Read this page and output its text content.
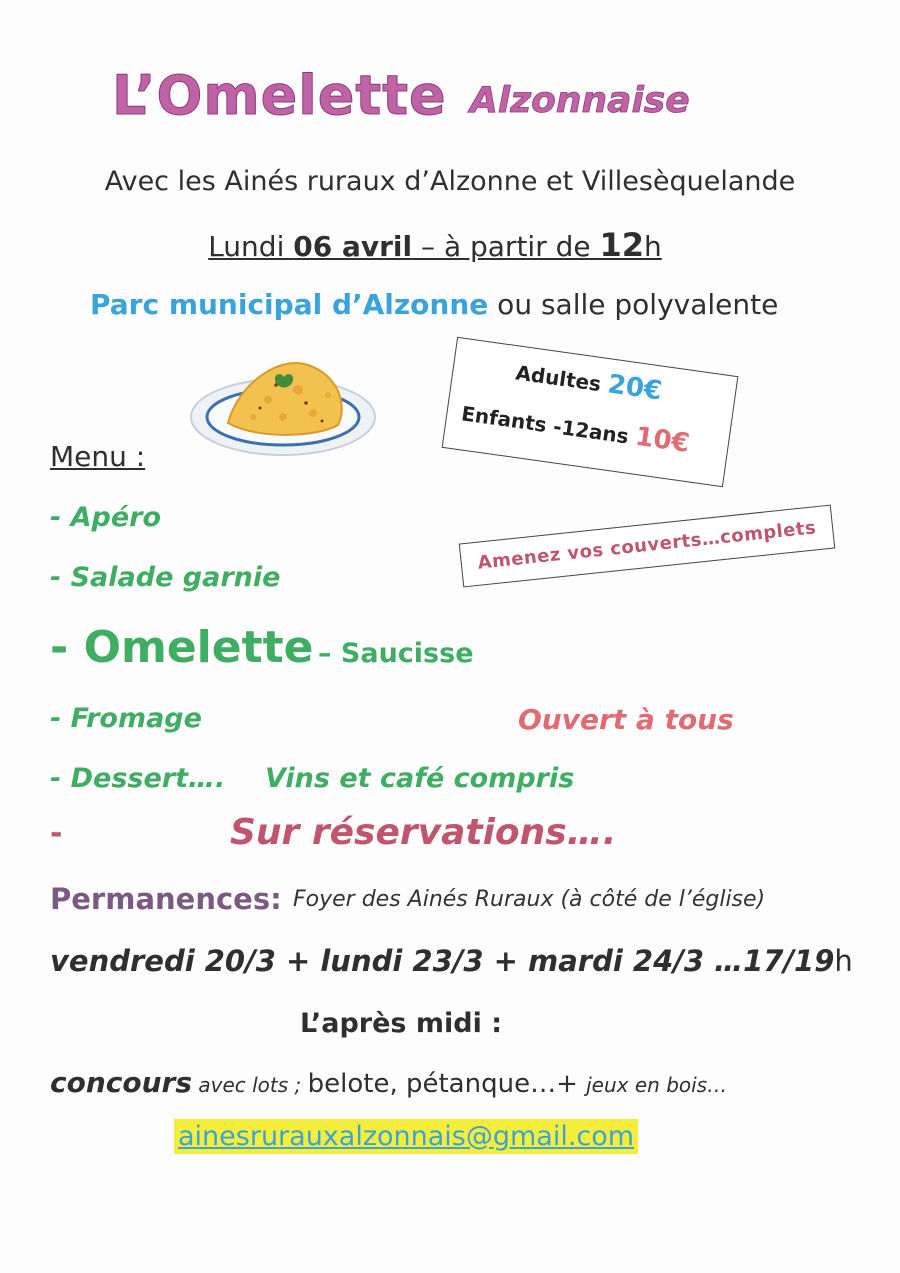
L’Omelette Alzonnaise
Avec les Ainés ruraux d’Alzonne et Villesèquelande
Lundi 06 avril – à partir de 12h
Parc municipal d’Alzonne ou salle polyvalente
Adultes 20€
Enfants -12ans 10€
Amenez vos couverts…complets
Menu :
- Apéro
- Salade garnie
- Omelette – Saucisse
- Fromage
- Dessert…. Vins et café compris
Ouvert à tous
-	Sur réservations….
Permanences: Foyer des Ainés Ruraux (à côté de l’église)
vendredi 20/3 + lundi 23/3 + mardi 24/3 …17/19h
L’après midi :
concours avec lots ; belote, pétanque…+ jeux en bois…
ainesrurauxalzonnais@gmail.com
